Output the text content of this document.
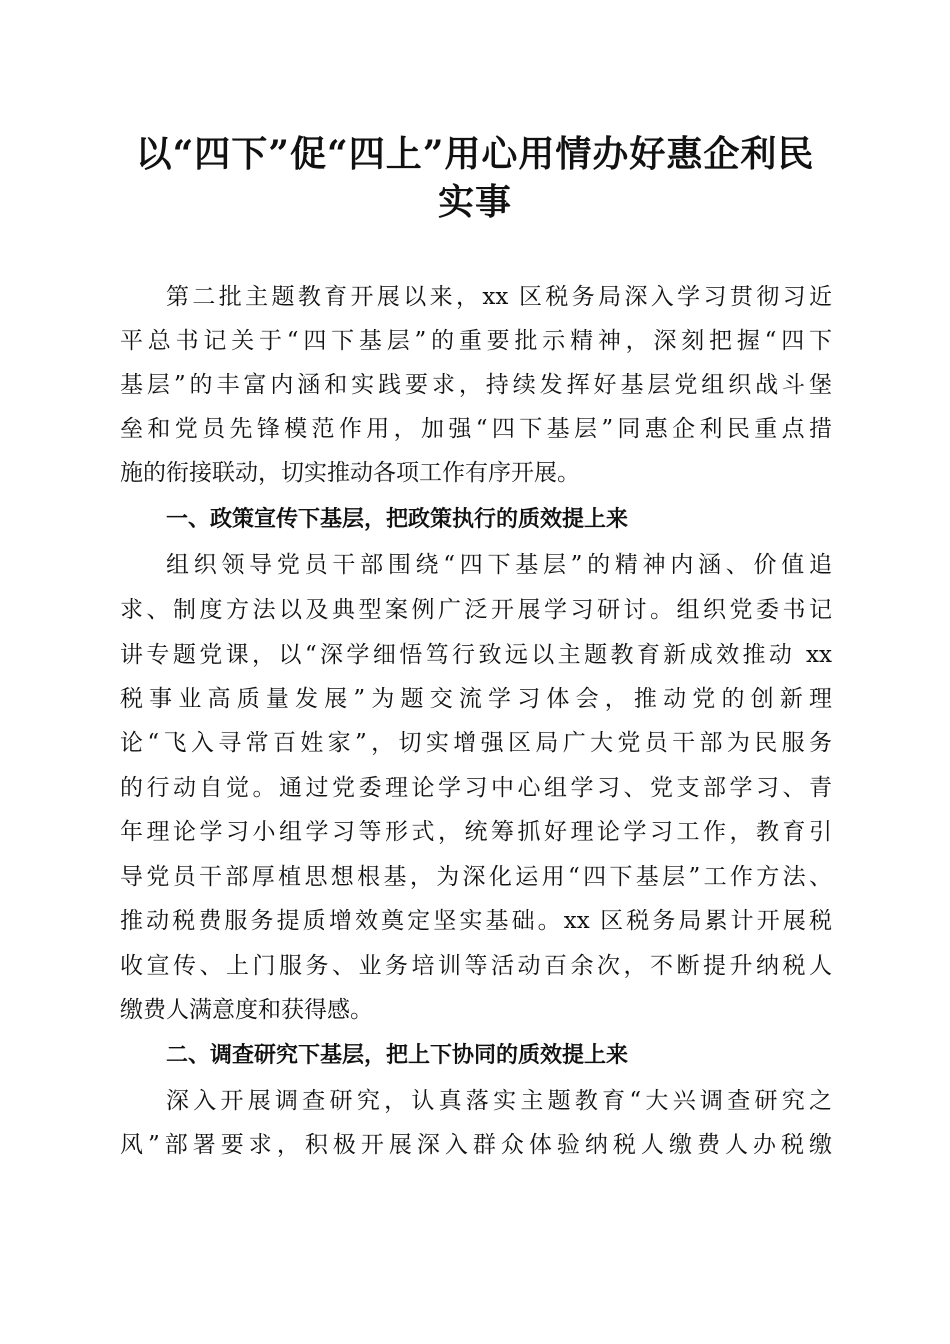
以“四下”促“四上”用心用情办好惠企利民
实事

第二批主题教育开展以来，xx 区税务局深入学习贯彻习近

平总书记关于“四下基层”的重要批示精神，深刻把握“四下

基层”的丰富内涵和实践要求，持续发挥好基层党组织战斗堡

垒和党员先锋模范作用，加强“四下基层”同惠企利民重点措

施的衔接联动，切实推动各项工作有序开展。

一、政策宣传下基层，把政策执行的质效提上来

组织领导党员干部围绕“四下基层”的精神内涵、价值追

求、制度方法以及典型案例广泛开展学习研讨。组织党委书记

讲专题党课，以“深学细悟笃行致远以主题教育新成效推动 xx

税事业高质量发展”为题交流学习体会，推动党的创新理

论“飞入寻常百姓家”，切实增强区局广大党员干部为民服务

的行动自觉。通过党委理论学习中心组学习、党支部学习、青

年理论学习小组学习等形式，统筹抓好理论学习工作，教育引

导党员干部厚植思想根基，为深化运用“四下基层”工作方法、

推动税费服务提质增效奠定坚实基础。xx 区税务局累计开展税

收宣传、上门服务、业务培训等活动百余次，不断提升纳税人

缴费人满意度和获得感。

二、调查研究下基层，把上下协同的质效提上来

深入开展调查研究，认真落实主题教育“大兴调查研究之

风”部署要求，积极开展深入群众体验纳税人缴费人办税缴
